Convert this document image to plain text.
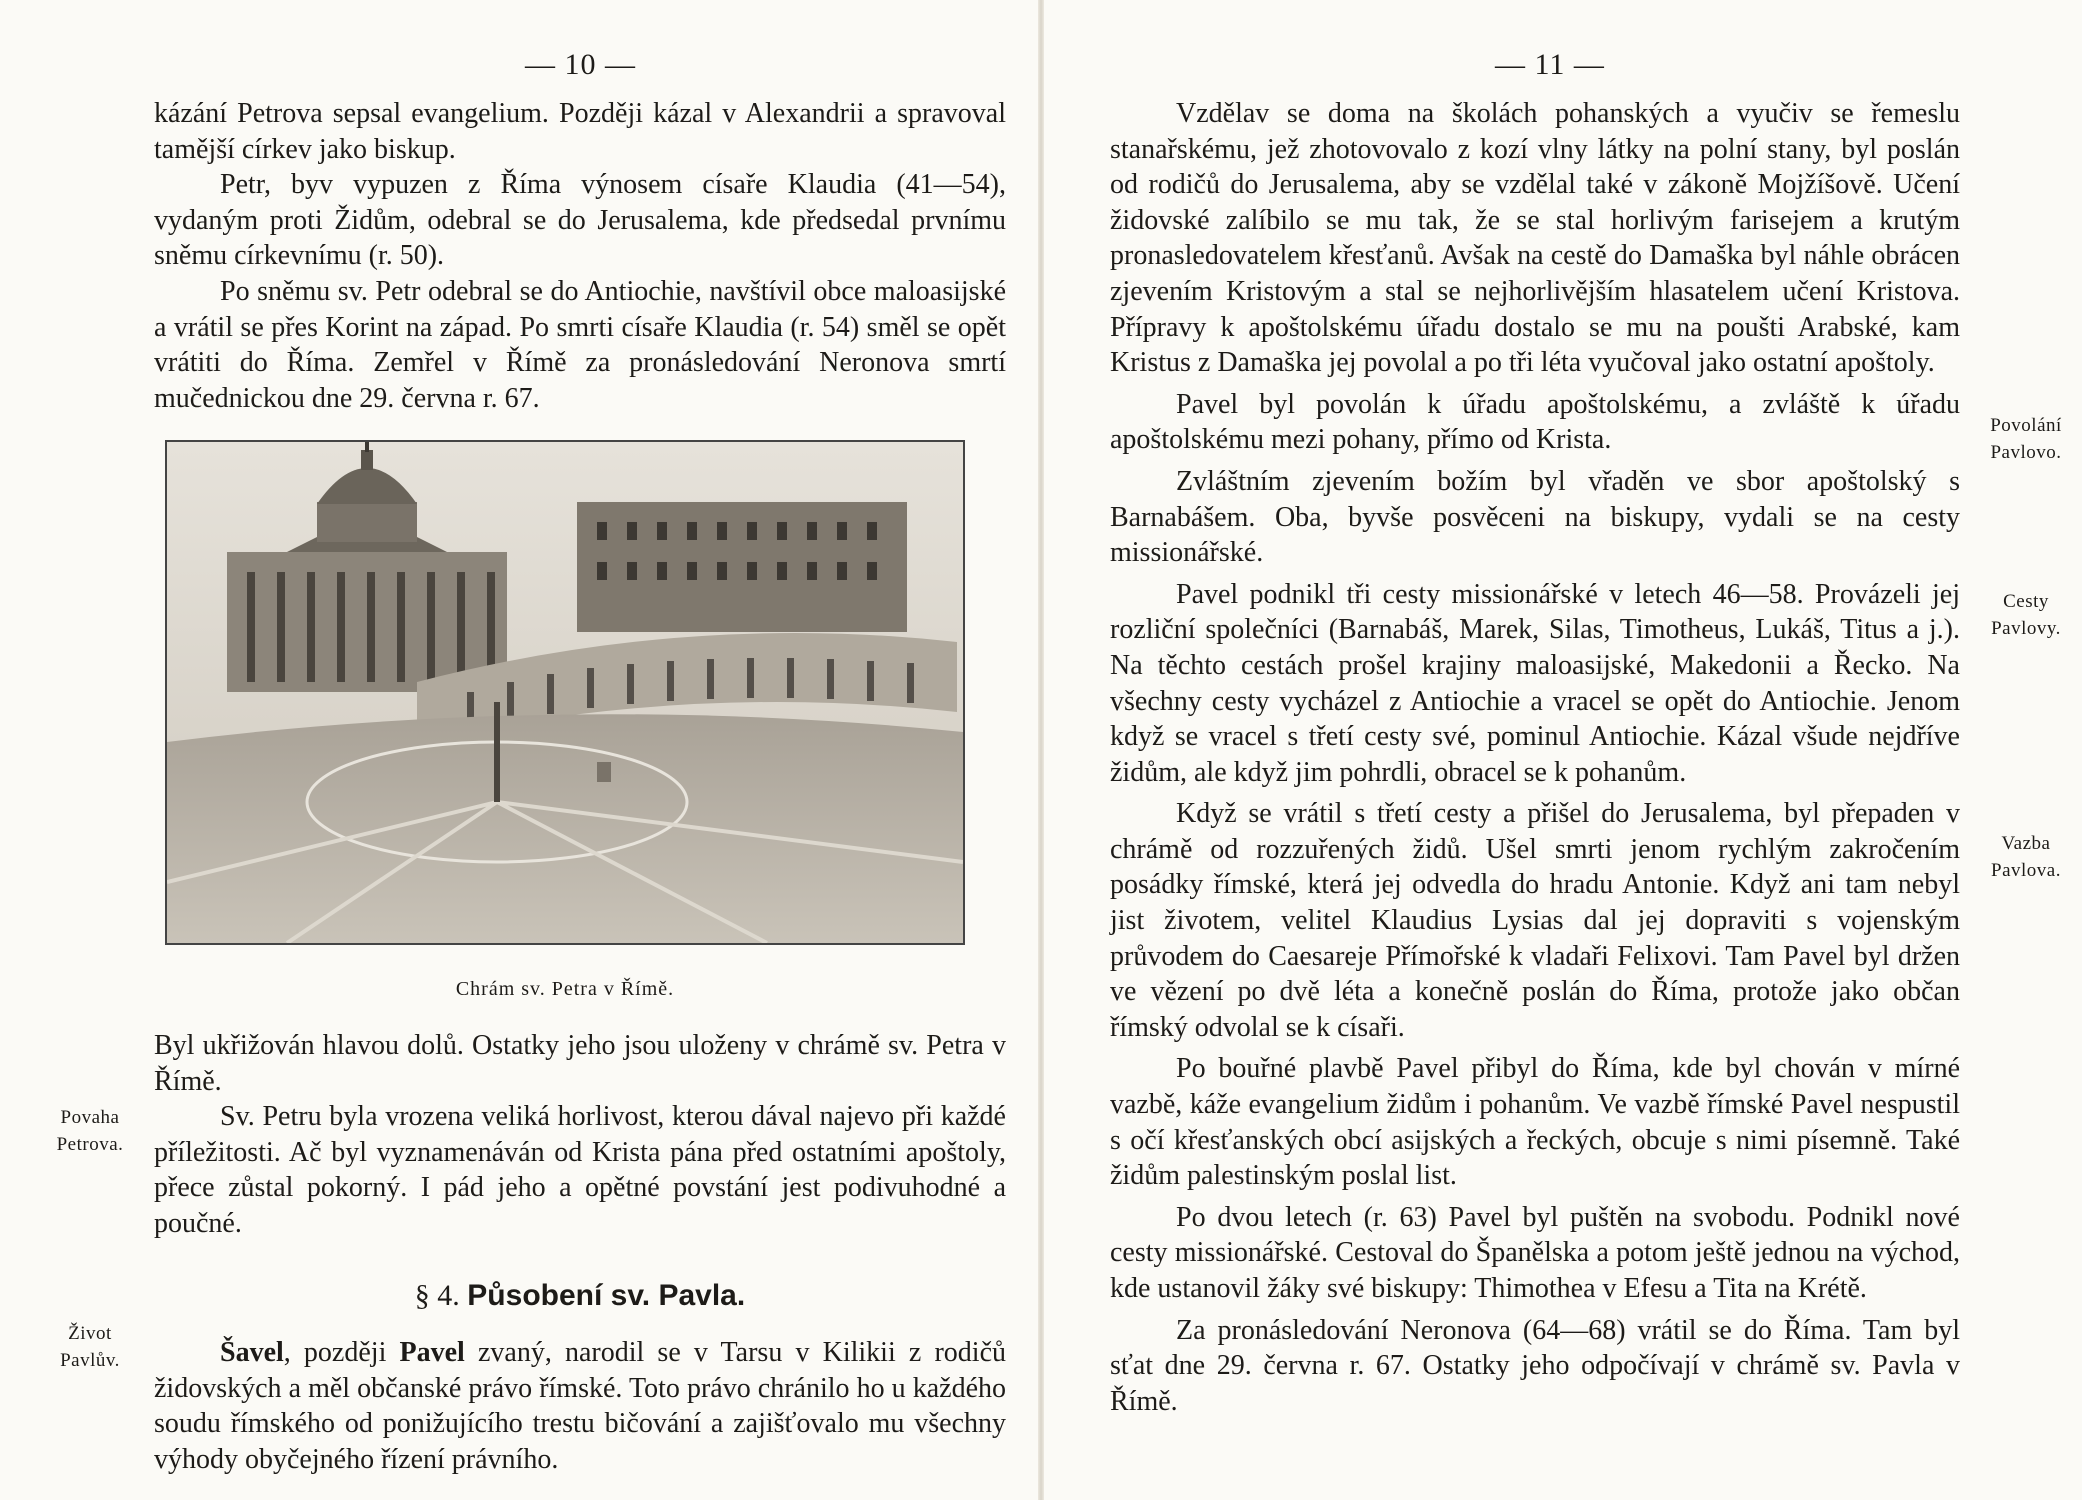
— 10 —

kázání Petrova sepsal evangelium. Později kázal v Alexandrii a spravoval tamější církev jako biskup.

Petr, byv vypuzen z Říma výnosem císaře Klaudia (41—54), vydaným proti Židům, odebral se do Jerusalema, kde předsedal prvnímu sněmu církevnímu (r. 50).

Po sněmu sv. Petr odebral se do Antiochie, navštívil obce maloasijské a vrátil se přes Korint na západ. Po smrti císaře Klaudia (r. 54) směl se opět vrátiti do Říma. Zemřel v Římě za pronásledování Neronova smrtí mučednickou dne 29. června r. 67.

Chrám sv. Petra v Římě.

Byl ukřižován hlavou dolů. Ostatky jeho jsou uloženy v chrámě sv. Petra v Římě.

Sv. Petru byla vrozena veliká horlivost, kterou dával najevo při každé příležitosti. Ač byl vyznamenáván od Krista pána před ostatními apoštoly, přece zůstal pokorný. I pád jeho a opětné povstání jest podivuhodné a poučné.

§ 4. Působení sv. Pavla.

Šavel, později Pavel zvaný, narodil se v Tarsu v Kilikii z rodičů židovských a měl občanské právo římské. Toto právo chránilo ho u každého soudu římského od ponižujícího trestu bičování a zajišťovalo mu všechny výhody obyčejného řízení právního.

Povaha Petrova.
Život Pavlův.
— 11 —

Vzdělav se doma na školách pohanských a vyučiv se řemeslu stanařskému, jež zhotovovalo z kozí vlny látky na polní stany, byl poslán od rodičů do Jerusalema, aby se vzdělal také v zákoně Mojžíšově. Učení židovské zalíbilo se mu tak, že se stal horlivým farisejem a krutým pronasledovatelem křesťanů. Avšak na cestě do Damaška byl náhle obrácen zjevením Kristovým a stal se nejhorlivějším hlasatelem učení Kristova. Přípravy k apoštolskému úřadu dostalo se mu na poušti Arabské, kam Kristus z Damaška jej povolal a po tři léta vyučoval jako ostatní apoštoly.

Pavel byl povolán k úřadu apoštolskému, a zvláště k úřadu apoštolskému mezi pohany, přímo od Krista.

Zvláštním zjevením božím byl vřaděn ve sbor apoštolský s Barnabášem. Oba, byvše posvěceni na biskupy, vydali se na cesty missionářské.

Pavel podnikl tři cesty missionářské v letech 46—58. Provázeli jej rozliční společníci (Barnabáš, Marek, Silas, Timotheus, Lukáš, Titus a j.). Na těchto cestách prošel krajiny maloasijské, Makedonii a Řecko. Na všechny cesty vycházel z Antiochie a vracel se opět do Antiochie. Jenom když se vracel s třetí cesty své, pominul Antiochie. Kázal všude nejdříve židům, ale když jim pohrdli, obracel se k pohanům.

Když se vrátil s třetí cesty a přišel do Jerusalema, byl přepaden v chrámě od rozzuřených židů. Ušel smrti jenom rychlým zakročením posádky římské, která jej odvedla do hradu Antonie. Když ani tam nebyl jist životem, velitel Klaudius Lysias dal jej dopraviti s vojenským průvodem do Caesareje Přímořské k vladaři Felixovi. Tam Pavel byl držen ve vězení po dvě léta a konečně poslán do Říma, protože jako občan římský odvolal se k císaři.

Po bouřné plavbě Pavel přibyl do Říma, kde byl chován v mírné vazbě, káže evangelium židům i pohanům. Ve vazbě římské Pavel nespustil s očí křesťanských obcí asijských a řeckých, obcuje s nimi písemně. Také židům palestinským poslal list.

Po dvou letech (r. 63) Pavel byl puštěn na svobodu. Podnikl nové cesty missionářské. Cestoval do Španělska a potom ještě jednou na východ, kde ustanovil žáky své biskupy: Thimothea v Efesu a Tita na Krétě.

Za pronásledování Neronova (64—68) vrátil se do Říma. Tam byl sťat dne 29. června r. 67. Ostatky jeho odpočívají v chrámě sv. Pavla v Římě.

Povolání Pavlovo.
Cesty Pavlovy.
Vazba Pavlova.
